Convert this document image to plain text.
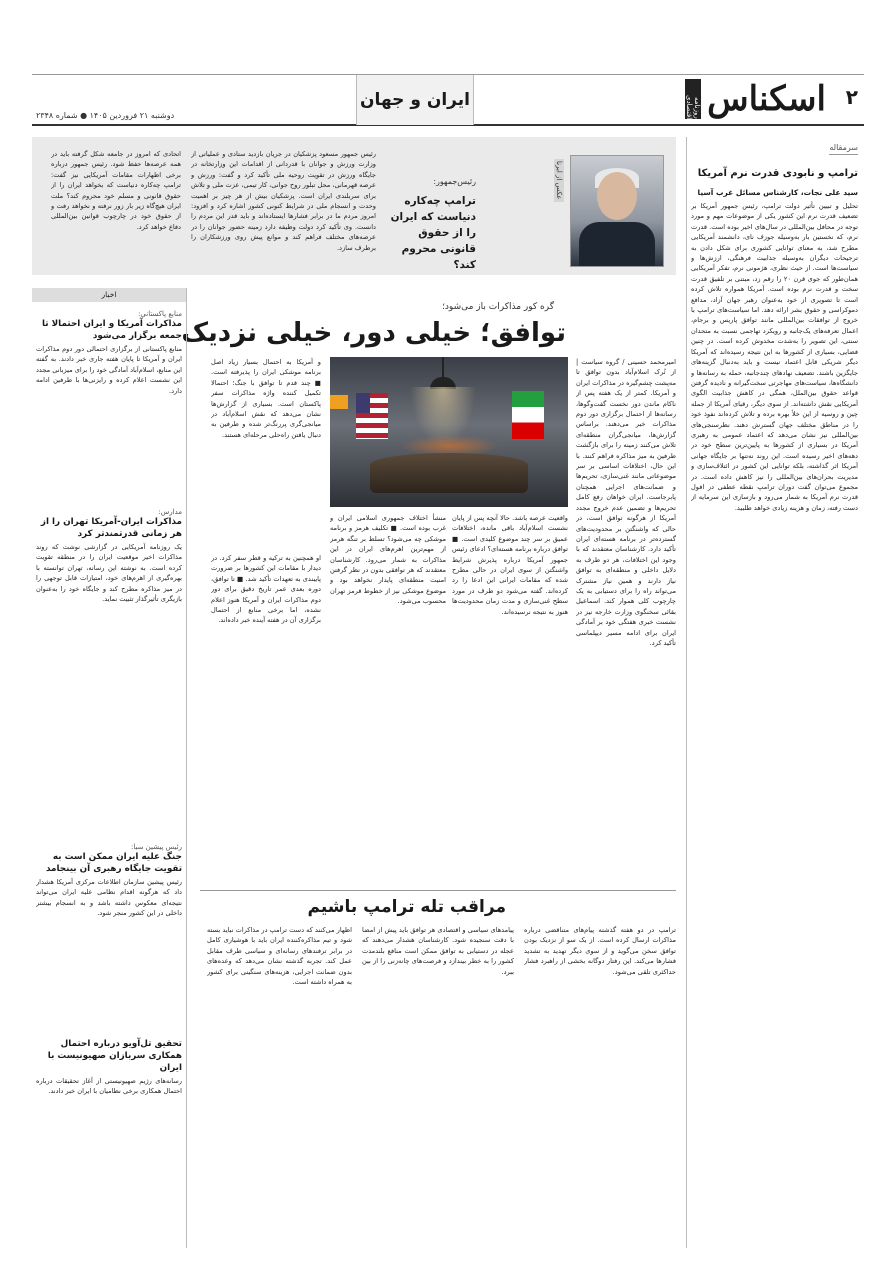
۲
اسکناس
روزنامه اقتصادی
ایران و جهان
دوشنبه ۲۱ فروردین ۱۴۰۵ ● شماره ۲۳۴۸
سرمقاله
ترامپ و نابودی قدرت نرم آمریکا
سید علی نجات، کارشناس مسائل غرب آسیا
تحلیل و تبیین تأثیر دولت ترامپ، رئیس جمهور آمریکا بر تضعیف قدرت نرم این کشور یکی از موضوعات مهم و مورد توجه در محافل بین‌المللی در سال‌های اخیر بوده است. قدرت نرم، که نخستین بار به‌وسیله جوزف نای، دانشمند آمریکایی مطرح شد، به معنای توانایی کشوری برای شکل دادن به ترجیحات دیگران به‌وسیله جذابیت فرهنگی، ارزش‌ها و سیاست‌ها است. از حیث نظری، هژمونی نرم، تفکر آمریکایی همان‌طور که جوی قرن ۲۰ را رقم زد، مبتنی بر تلفیق قدرت سخت و قدرت نرم بوده است. آمریکا همواره تلاش کرده است تا تصویری از خود به‌عنوان رهبر جهان آزاد، مدافع دموکراسی و حقوق بشر ارائه دهد. اما سیاست‌های ترامپ با خروج از توافقات بین‌المللی مانند توافق پاریس و برجام، اعمال تعرفه‌های یک‌جانبه و رویکرد تهاجمی نسبت به متحدان سنتی، این تصویر را به‌شدت مخدوش کرده است. در چنین فضایی، بسیاری از کشورها به این نتیجه رسیده‌اند که آمریکا دیگر شریکی قابل اعتماد نیست و باید به‌دنبال گزینه‌های جایگزین باشند. تضعیف نهادهای چندجانبه، حمله به رسانه‌ها و دانشگاه‌ها، سیاست‌های مهاجرتی سخت‌گیرانه و نادیده گرفتن قواعد حقوق بین‌الملل، همگی در کاهش جذابیت الگوی آمریکایی نقش داشته‌اند. از سوی دیگر، رقبای آمریکا از جمله چین و روسیه از این خلأ بهره برده و تلاش کرده‌اند نفوذ خود را در مناطق مختلف جهان گسترش دهند. نظرسنجی‌های بین‌المللی نیز نشان می‌دهد که اعتماد عمومی به رهبری آمریکا در بسیاری از کشورها به پایین‌ترین سطح خود در دهه‌های اخیر رسیده است. این روند نه‌تنها بر جایگاه جهانی آمریکا اثر گذاشته، بلکه توانایی این کشور در ائتلاف‌سازی و مدیریت بحران‌های بین‌المللی را نیز کاهش داده است. در مجموع می‌توان گفت دوران ترامپ نقطه عطفی در افول قدرت نرم آمریکا به شمار می‌رود و بازسازی این سرمایه از دست رفته، زمان و هزینه زیادی خواهد طلبید.
عکس از ایرنا
رئیس‌جمهور:
ترامپ چه‌کاره دنیاست که ایران را از حقوق قانونی محروم کند؟
رئیس جمهور مسعود پزشکیان در جریان بازدید ستادی و عملیاتی از وزارت ورزش و جوانان با قدردانی از اقدامات این وزارتخانه در جایگاه ورزش در تقویت روحیه ملی تأکید کرد و گفت: ورزش و عرصه قهرمانی، محل تبلور روح جوانی، کار تیمی، عزت ملی و تلاش برای سربلندی ایران است. پزشکیان بیش از هر چیز بر اهمیت وحدت و انسجام ملی در شرایط کنونی کشور اشاره کرد و افزود: امروز مردم ما در برابر فشارها ایستاده‌اند و باید قدر این مردم را دانست. وی تأکید کرد دولت وظیفه دارد زمینه حضور جوانان را در عرصه‌های مختلف فراهم کند و موانع پیش روی ورزشکاران را برطرف سازد.
اتحادی که امروز در جامعه شکل گرفته باید در همه عرصه‌ها حفظ شود. رئیس جمهور درباره برخی اظهارات مقامات آمریکایی نیز گفت: ترامپ چه‌کاره دنیاست که بخواهد ایران را از حقوق قانونی و مسلم خود محروم کند؟ ملت ایران هیچ‌گاه زیر بار زور نرفته و نخواهد رفت و از حقوق خود در چارچوب قوانین بین‌المللی دفاع خواهد کرد.
گره کور مذاکرات باز می‌شود؛
توافق؛ خیلی دور، خیلی نزدیک
امیرمحمد حسینی / گروه سیاست | از تُرک اسلام‌آباد بدون توافق تا مه‌پشت چشم‌گیره در مذاکرات ایران و آمریکا. کمتر از یک هفته پس از ناکام ماندن دور نخست گفت‌وگوها، رسانه‌ها از احتمال برگزاری دور دوم مذاکرات خبر می‌دهند. براساس گزارش‌ها، میانجی‌گران منطقه‌ای تلاش می‌کنند زمینه را برای بازگشت طرفین به میز مذاکره فراهم کنند. با این حال، اختلافات اساسی بر سر موضوعاتی مانند غنی‌سازی، تحریم‌ها و ضمانت‌های اجرایی همچنان پابرجاست. ایران خواهان رفع کامل تحریم‌ها و تضمین عدم خروج مجدد آمریکا از هرگونه توافق است، در حالی که واشنگتن بر محدودیت‌های گسترده‌تر در برنامه هسته‌ای ایران تأکید دارد. کارشناسان معتقدند که با وجود این اختلافات، هر دو طرف به دلایل داخلی و منطقه‌ای به توافق نیاز دارند و همین نیاز مشترک می‌تواند راه را برای دستیابی به یک چارچوب کلی هموار کند. اسماعیل بقائی سخنگوی وزارت خارجه نیز در نشست خبری هفتگی خود بر آمادگی ایران برای ادامه مسیر دیپلماسی تأکید کرد.
و آمریکا به احتمال بسیار زیاد اصل برنامه موشکی ایران را پذیرفته است. ■ چند قدم تا توافق با جنگ؛ احتمالا تکمیل کننده واژه مذاکرات سفر پاکستان است. بسیاری از گزارش‌ها نشان می‌دهد که نقش اسلام‌آباد در میانجی‌گری پررنگ‌تر شده و طرفین به دنبال یافتن راه‌حلی مرحله‌ای هستند.
واقعیت عرصه باشد. حالا آنچه پس از پایان نشست اسلام‌آباد باقی مانده، اختلافات عمیق بر سر چند موضوع کلیدی است. ■ توافق درباره برنامه هسته‌ای؟ ادعای رئیس جمهور آمریکا درباره پذیرش شرایط واشنگتن از سوی ایران در حالی مطرح شده که مقامات ایرانی این ادعا را رد کرده‌اند. گفته می‌شود دو طرف در مورد سطح غنی‌سازی و مدت زمان محدودیت‌ها هنوز به نتیجه نرسیده‌اند.
منشأ اختلاف جمهوری اسلامی ایران و غرب بوده است. ■ تکلیف هرمز و برنامه موشکی چه می‌شود؟ تسلط بر تنگه هرمز از مهم‌ترین اهرم‌های ایران در این مذاکرات به شمار می‌رود. کارشناسان معتقدند که هر توافقی بدون در نظر گرفتن امنیت منطقه‌ای پایدار نخواهد بود و موضوع موشکی نیز از خطوط قرمز تهران محسوب می‌شود.
او همچنین به ترکیه و قطر سفر کرد. در دیدار با مقامات این کشورها بر ضرورت پایبندی به تعهدات تأکید شد. ■ تا توافق، دوره بعدی عمر تاریخ دقیق برای دور دوم مذاکرات ایران و آمریکا هنوز اعلام نشده، اما برخی منابع از احتمال برگزاری آن در هفته آینده خبر داده‌اند.
مراقب تله ترامپ باشیم
ترامپ در دو هفته گذشته پیام‌های متناقضی درباره مذاکرات ارسال کرده است. از یک سو از نزدیک بودن توافق سخن می‌گوید و از سوی دیگر تهدید به تشدید فشارها می‌کند. این رفتار دوگانه بخشی از راهبرد فشار حداکثری تلقی می‌شود.
پیامدهای سیاسی و اقتصادی هر توافق باید پیش از امضا با دقت سنجیده شود. کارشناسان هشدار می‌دهند که عجله در دستیابی به توافق ممکن است منافع بلندمدت کشور را به خطر بیندازد و فرصت‌های چانه‌زنی را از بین ببرد.
اظهار می‌کنند که دست ترامپ در مذاکرات نباید بسته شود و تیم مذاکره‌کننده ایران باید با هوشیاری کامل در برابر ترفندهای رسانه‌ای و سیاسی طرف مقابل عمل کند. تجربه گذشته نشان می‌دهد که وعده‌های بدون ضمانت اجرایی، هزینه‌های سنگینی برای کشور به همراه داشته است.
اخبار
منابع پاکستانی:
مذاکرات آمریکا و ایران احتمالا تا جمعه برگزار می‌شود
منابع پاکستانی از برگزاری احتمالی دور دوم مذاکرات ایران و آمریکا تا پایان هفته جاری خبر دادند. به گفته این منابع، اسلام‌آباد آمادگی خود را برای میزبانی مجدد این نشست اعلام کرده و رایزنی‌ها با طرفین ادامه دارد.
مدارس:
مذاکرات ایران-آمریکا تهران را از هر زمانی قدرتمندتر کرد
یک روزنامه آمریکایی در گزارشی نوشت که روند مذاکرات اخیر موقعیت ایران را در منطقه تقویت کرده است. به نوشته این رسانه، تهران توانسته با بهره‌گیری از اهرم‌های خود، امتیازات قابل توجهی را در میز مذاکره مطرح کند و جایگاه خود را به‌عنوان بازیگری تأثیرگذار تثبیت نماید.
رئیس پیشین سیا:
جنگ علیه ایران ممکن است به تقویت جایگاه رهبری آن بینجامد
رئیس پیشین سازمان اطلاعات مرکزی آمریکا هشدار داد که هرگونه اقدام نظامی علیه ایران می‌تواند نتیجه‌ای معکوس داشته باشد و به انسجام بیشتر داخلی در این کشور منجر شود.
تحقیق تل‌آویو درباره احتمال همکاری سربازان صهیونیست با ایران
رسانه‌های رژیم صهیونیستی از آغاز تحقیقات درباره احتمال همکاری برخی نظامیان با ایران خبر دادند.
